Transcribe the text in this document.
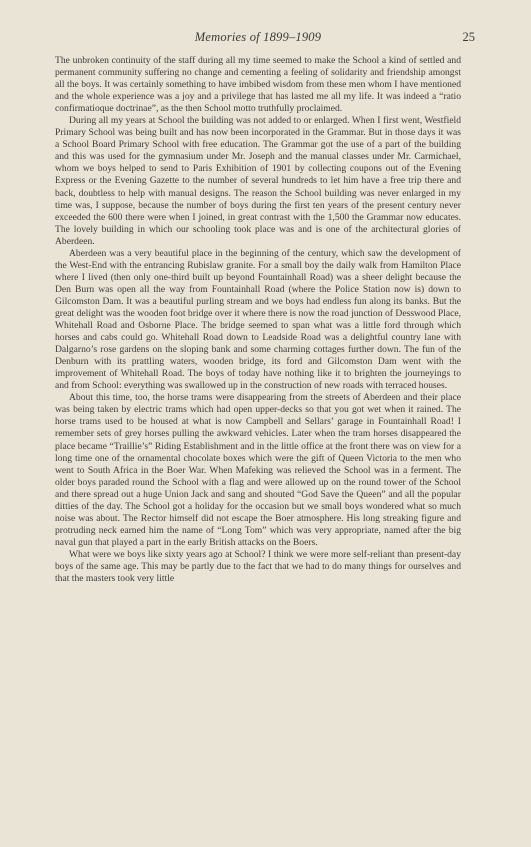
Memories of 1899–1909	25

The unbroken continuity of the staff during all my time seemed to make the School a kind of settled and permanent community suffering no change and cementing a feeling of solidarity and friendship amongst all the boys. It was certainly something to have imbibed wisdom from these men whom I have mentioned and the whole experience was a joy and a privilege that has lasted me all my life. It was indeed a “ratio confirmatioque doctrinae”, as the then School motto truthfully proclaimed.

During all my years at School the building was not added to or enlarged. When I first went, Westfield Primary School was being built and has now been incorporated in the Grammar. But in those days it was a School Board Primary School with free education. The Grammar got the use of a part of the building and this was used for the gymnasium under Mr. Joseph and the manual classes under Mr. Carmichael, whom we boys helped to send to Paris Exhibition of 1901 by collecting coupons out of the Evening Express or the Evening Gazette to the number of several hundreds to let him have a free trip there and back, doubtless to help with manual designs. The reason the School building was never enlarged in my time was, I suppose, because the number of boys during the first ten years of the present century never exceeded the 600 there were when I joined, in great contrast with the 1,500 the Grammar now educates. The lovely building in which our schooling took place was and is one of the architectural glories of Aberdeen.

Aberdeen was a very beautiful place in the beginning of the century, which saw the development of the West-End with the entrancing Rubislaw granite. For a small boy the daily walk from Hamilton Place where I lived (then only one-third built up beyond Fountainhall Road) was a sheer delight because the Den Burn was open all the way from Fountainhall Road (where the Police Station now is) down to Gilcomston Dam. It was a beautiful purling stream and we boys had endless fun along its banks. But the great delight was the wooden foot bridge over it where there is now the road junction of Desswood Place, Whitehall Road and Osborne Place. The bridge seemed to span what was a little ford through which horses and cabs could go. Whitehall Road down to Leadside Road was a delightful country lane with Dalgarno’s rose gardens on the sloping bank and some charming cottages further down. The fun of the Denburn with its prattling waters, wooden bridge, its ford and Gilcomston Dam went with the improvement of Whitehall Road. The boys of today have nothing like it to brighten the journeyings to and from School: everything was swallowed up in the construction of new roads with terraced houses.

About this time, too, the horse trams were disappearing from the streets of Aberdeen and their place was being taken by electric trams which had open upper-decks so that you got wet when it rained. The horse trams used to be housed at what is now Campbell and Sellars’ garage in Fountainhall Road! I remember sets of grey horses pulling the awkward vehicles. Later when the tram horses disappeared the place became “Traillie’s” Riding Establishment and in the little office at the front there was on view for a long time one of the ornamental chocolate boxes which were the gift of Queen Victoria to the men who went to South Africa in the Boer War. When Mafeking was relieved the School was in a ferment. The older boys paraded round the School with a flag and were allowed up on the round tower of the School and there spread out a huge Union Jack and sang and shouted “God Save the Queen” and all the popular ditties of the day. The School got a holiday for the occasion but we small boys wondered what so much noise was about. The Rector himself did not escape the Boer atmosphere. His long streaking figure and protruding neck earned him the name of “Long Tom” which was very appropriate, named after the big naval gun that played a part in the early British attacks on the Boers.

What were we boys like sixty years ago at School? I think we were more self-reliant than present-day boys of the same age. This may be partly due to the fact that we had to do many things for ourselves and that the masters took very little
